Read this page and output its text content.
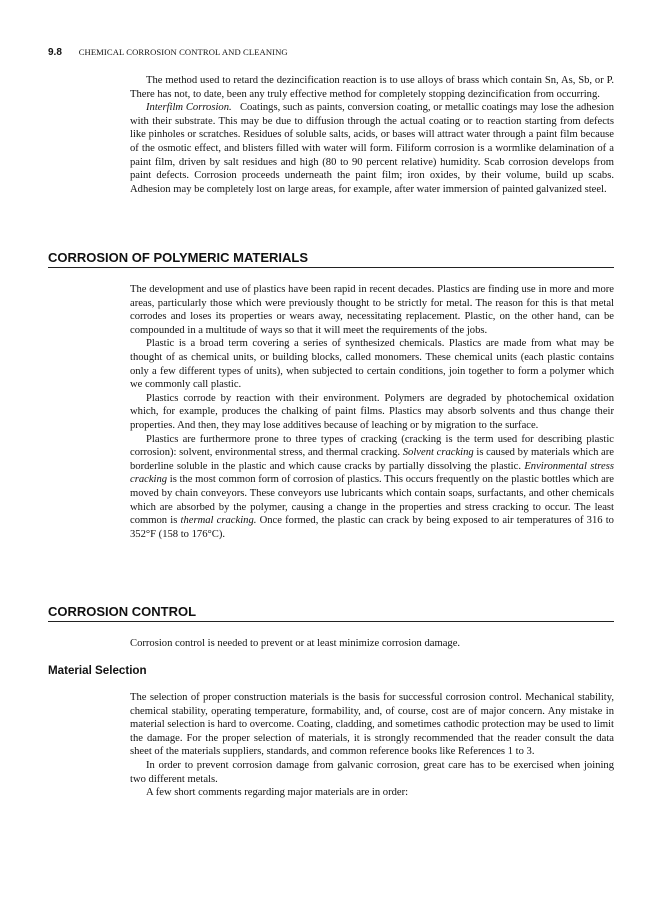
9.8 CHEMICAL CORROSION CONTROL AND CLEANING

The method used to retard the dezincification reaction is to use alloys of brass which contain Sn, As, Sb, or P. There has not, to date, been any truly effective method for completely stopping dezincification from occurring.

Interfilm Corrosion. Coatings, such as paints, conversion coating, or metallic coatings may lose the adhesion with their substrate. This may be due to diffusion through the actual coating or to reaction starting from defects like pinholes or scratches. Residues of soluble salts, acids, or bases will attract water through a paint film because of the osmotic effect, and blisters filled with water will form. Filiform corrosion is a wormlike delamination of a paint film, driven by salt residues and high (80 to 90 percent relative) humidity. Scab corrosion develops from paint defects. Corrosion proceeds underneath the paint film; iron oxides, by their volume, build up scabs. Adhesion may be completely lost on large areas, for example, after water immersion of painted galvanized steel.

CORROSION OF POLYMERIC MATERIALS

The development and use of plastics have been rapid in recent decades. Plastics are finding use in more and more areas, particularly those which were previously thought to be strictly for metal. The reason for this is that metal corrodes and loses its properties or wears away, necessitating replacement. Plastic, on the other hand, can be compounded in a multitude of ways so that it will meet the requirements of the jobs.

Plastic is a broad term covering a series of synthesized chemicals. Plastics are made from what may be thought of as chemical units, or building blocks, called monomers. These chemical units (each plastic contains only a few different types of units), when subjected to certain conditions, join together to form a polymer which we commonly call plastic.

Plastics corrode by reaction with their environment. Polymers are degraded by photochemical oxidation which, for example, produces the chalking of paint films. Plastics may absorb solvents and thus change their properties. And then, they may lose additives because of leaching or by migration to the surface.

Plastics are furthermore prone to three types of cracking (cracking is the term used for describing plastic corrosion): solvent, environmental stress, and thermal cracking. Solvent cracking is caused by materials which are borderline soluble in the plastic and which cause cracks by partially dissolving the plastic. Environmental stress cracking is the most common form of corrosion of plastics. This occurs frequently on the plastic bottles which are moved by chain conveyors. These conveyors use lubricants which contain soaps, surfactants, and other chemicals which are absorbed by the polymer, causing a change in the properties and stress cracking to occur. The least common is thermal cracking. Once formed, the plastic can crack by being exposed to air temperatures of 316 to 352°F (158 to 176°C).

CORROSION CONTROL

Corrosion control is needed to prevent or at least minimize corrosion damage.

Material Selection

The selection of proper construction materials is the basis for successful corrosion control. Mechanical stability, chemical stability, operating temperature, formability, and, of course, cost are of major concern. Any mistake in material selection is hard to overcome. Coating, cladding, and sometimes cathodic protection may be used to limit the damage. For the proper selection of materials, it is strongly recommended that the reader consult the data sheet of the materials suppliers, standards, and common reference books like References 1 to 3.

In order to prevent corrosion damage from galvanic corrosion, great care has to be exercised when joining two different metals.

A few short comments regarding major materials are in order:
